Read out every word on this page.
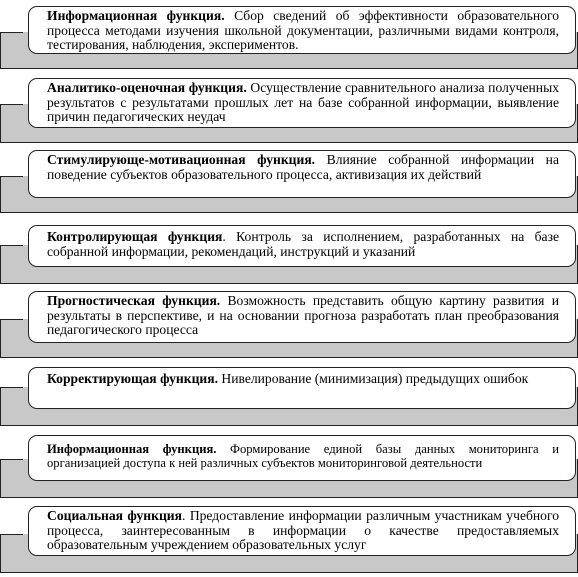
Информационная функция. Сбор сведений об эффективности образовательного процесса методами изучения школьной документации, различными видами контроля, тестирования, наблюдения, экспериментов.
Аналитико-оценочная функция. Осуществление сравнительного анализа полученных результатов с результатами прошлых лет на базе собранной информации, выявление причин педагогических неудач
Стимулирующе-мотивационная функция. Влияние собранной информации на поведение субъектов образовательного процесса, активизация их действий
Контролирующая функция. Контроль за исполнением, разработанных на базе собранной информации, рекомендаций, инструкций и указаний
Прогностическая функция. Возможность представить общую картину развития и результаты в перспективе, и на основании прогноза разработать план преобразования педагогического процесса
Корректирующая функция. Нивелирование (минимизация) предыдущих ошибок
Информационная функция. Формирование единой базы данных мониторинга и организацией доступа к ней различных субъектов мониторинговой деятельности
Социальная функция. Предоставление информации различным участникам учебного процесса, заинтересованным в информации о качестве предоставляемых образовательным учреждением образовательных услуг
